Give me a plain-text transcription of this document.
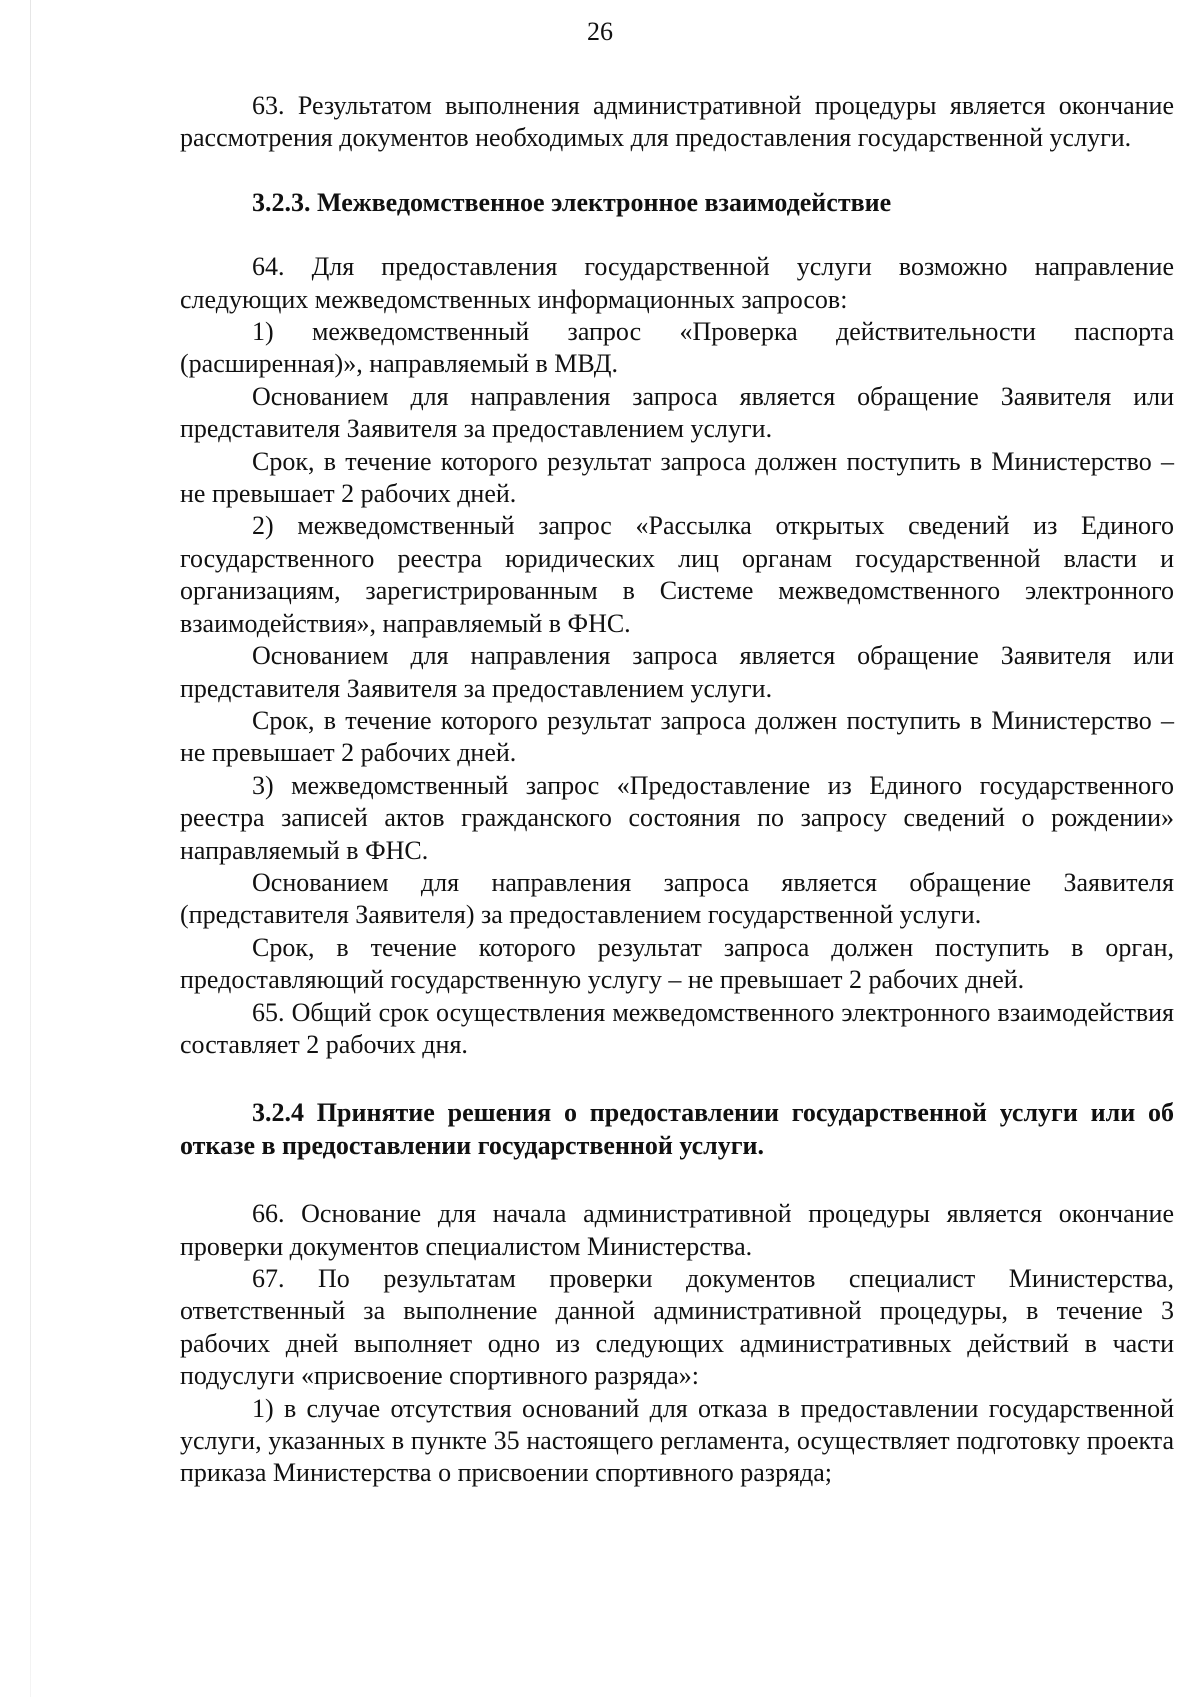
26

63. Результатом выполнения административной процедуры является окончание рассмотрения документов необходимых для предоставления государственной услуги.

3.2.3. Межведомственное электронное взаимодействие

64. Для предоставления государственной услуги возможно направление следующих межведомственных информационных запросов:

1) межведомственный запрос «Проверка действительности паспорта (расширенная)», направляемый в МВД.

Основанием для направления запроса является обращение Заявителя или представителя Заявителя за предоставлением услуги.

Срок, в течение которого результат запроса должен поступить в Министерство – не превышает 2 рабочих дней.

2) межведомственный запрос «Рассылка открытых сведений из Единого государственного реестра юридических лиц органам государственной власти и организациям, зарегистрированным в Системе межведомственного электронного взаимодействия», направляемый в ФНС.

Основанием для направления запроса является обращение Заявителя или представителя Заявителя за предоставлением услуги.

Срок, в течение которого результат запроса должен поступить в Министерство – не превышает 2 рабочих дней.

3) межведомственный запрос «Предоставление из Единого государственного реестра записей актов гражданского состояния по запросу сведений о рождении» направляемый в ФНС.

Основанием для направления запроса является обращение Заявителя (представителя Заявителя) за предоставлением государственной услуги.

Срок, в течение которого результат запроса должен поступить в орган, предоставляющий государственную услугу – не превышает 2 рабочих дней.

65. Общий срок осуществления межведомственного электронного взаимодействия составляет 2 рабочих дня.

3.2.4 Принятие решения о предоставлении государственной услуги или об отказе в предоставлении государственной услуги.

66. Основание для начала административной процедуры является окончание проверки документов специалистом Министерства.

67. По результатам проверки документов специалист Министерства, ответственный за выполнение данной административной процедуры, в течение 3 рабочих дней выполняет одно из следующих административных действий в части подуслуги «присвоение спортивного разряда»:

1) в случае отсутствия оснований для отказа в предоставлении государственной услуги, указанных в пункте 35 настоящего регламента, осуществляет подготовку проекта приказа Министерства о присвоении спортивного разряда;
